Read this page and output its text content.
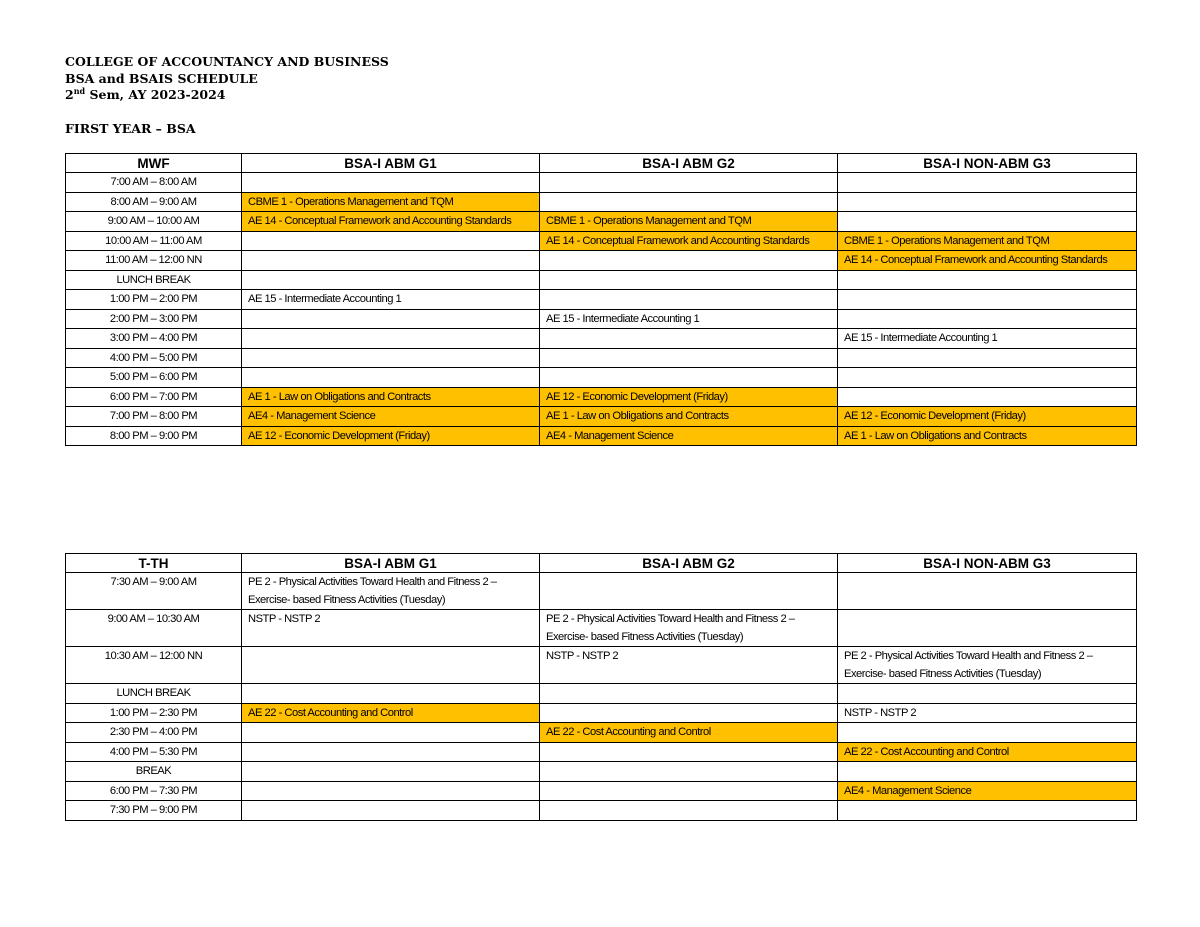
COLLEGE OF ACCOUNTANCY AND BUSINESS
BSA and BSAIS SCHEDULE
2nd Sem, AY 2023-2024
FIRST YEAR – BSA
MWF	BSA-I ABM G1	BSA-I ABM G2	BSA-I NON-ABM G3
7:00 AM – 8:00 AM			
8:00 AM – 9:00 AM	CBME 1 - Operations Management and TQM		
9:00 AM – 10:00 AM	AE 14 - Conceptual Framework and Accounting Standards	CBME 1 - Operations Management and TQM	
10:00 AM – 11:00 AM		AE 14 - Conceptual Framework and Accounting Standards	CBME 1 - Operations Management and TQM
11:00 AM – 12:00 NN			AE 14 - Conceptual Framework and Accounting Standards
LUNCH BREAK			
1:00 PM – 2:00 PM	AE 15 - Intermediate Accounting 1		
2:00 PM – 3:00 PM		AE 15 - Intermediate Accounting 1	
3:00 PM – 4:00 PM			AE 15 - Intermediate Accounting 1
4:00 PM – 5:00 PM			
5:00 PM – 6:00 PM			
6:00 PM – 7:00 PM	AE 1 - Law on Obligations and Contracts	AE 12 - Economic Development (Friday)	
7:00 PM – 8:00 PM	AE4 - Management Science	AE 1 - Law on Obligations and Contracts	AE 12 - Economic Development (Friday)
8:00 PM – 9:00 PM	AE 12 - Economic Development (Friday)	AE4 - Management Science	AE 1 - Law on Obligations and Contracts
T-TH	BSA-I ABM G1	BSA-I ABM G2	BSA-I NON-ABM G3
7:30 AM – 9:00 AM	PE 2 - Physical Activities Toward Health and Fitness 2 – Exercise- based Fitness Activities (Tuesday)		
9:00 AM – 10:30 AM	NSTP - NSTP 2	PE 2 - Physical Activities Toward Health and Fitness 2 – Exercise- based Fitness Activities (Tuesday)	
10:30 AM – 12:00 NN		NSTP - NSTP 2	PE 2 - Physical Activities Toward Health and Fitness 2 – Exercise- based Fitness Activities (Tuesday)
LUNCH BREAK			
1:00 PM – 2:30 PM	AE 22 - Cost Accounting and Control		NSTP - NSTP 2
2:30 PM – 4:00 PM		AE 22 - Cost Accounting and Control	
4:00 PM – 5:30 PM			AE 22 - Cost Accounting and Control
BREAK			
6:00 PM – 7:30 PM			AE4 - Management Science
7:30 PM – 9:00 PM			
